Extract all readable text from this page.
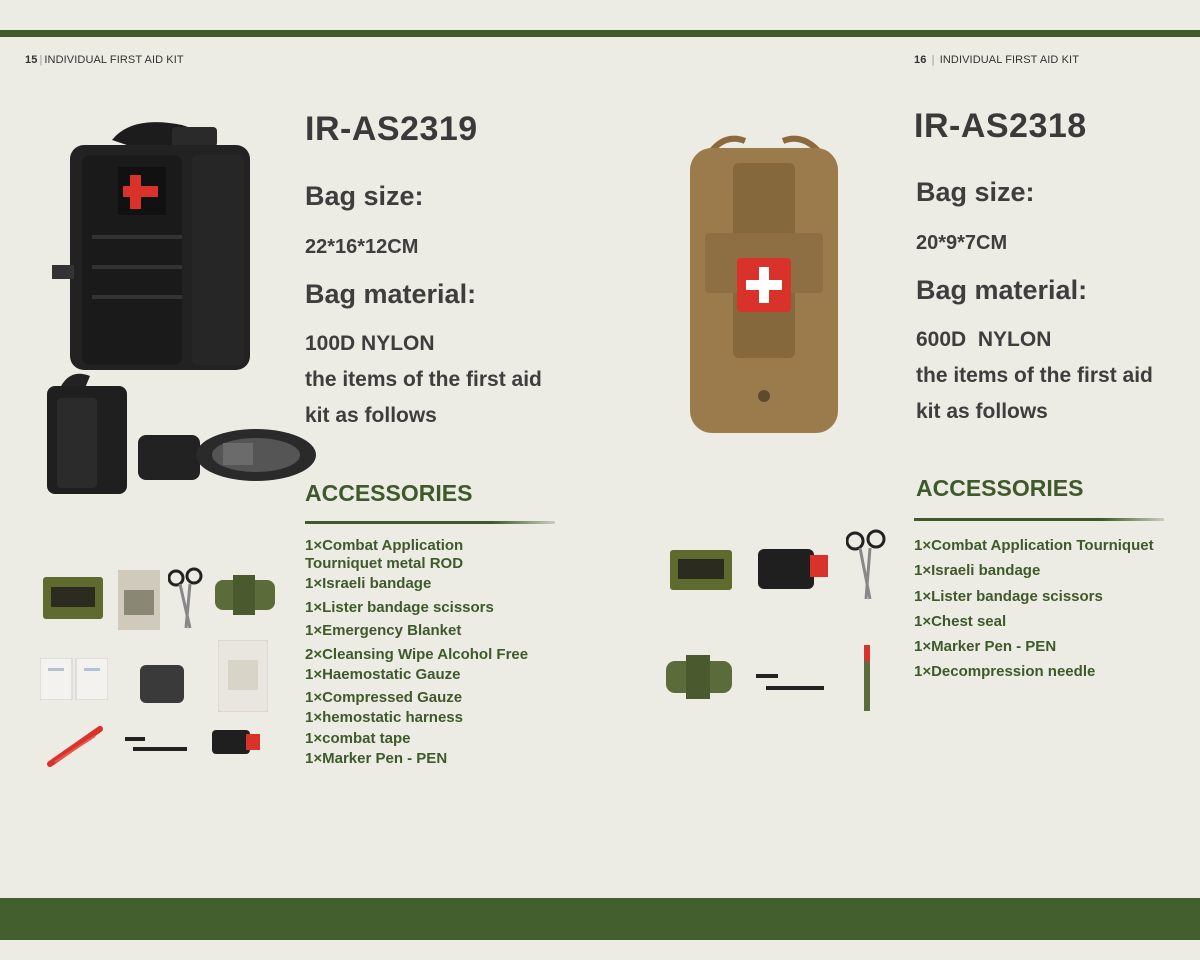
15 | INDIVIDUAL FIRST AID KIT	16 | INDIVIDUAL FIRST AID KIT
IR-AS2319
Bag size:
22*16*12CM
Bag material:
100D NYLON
the items of the first aid
kit as follows
ACCESSORIES
1×Combat Application
Tourniquet metal ROD
1×Israeli bandage
1×Lister bandage scissors
1×Emergency Blanket
2×Cleansing Wipe Alcohol Free
1×Haemostatic Gauze
1×Compressed Gauze
1×hemostatic harness
1×combat tape
1×Marker Pen - PEN
IR-AS2318
Bag size:
20*9*7CM
Bag material:
600D  NYLON
the items of the first aid
kit as follows
ACCESSORIES
1×Combat Application Tourniquet
1×Israeli bandage
1×Lister bandage scissors
1×Chest seal
1×Marker Pen - PEN
1×Decompression needle
